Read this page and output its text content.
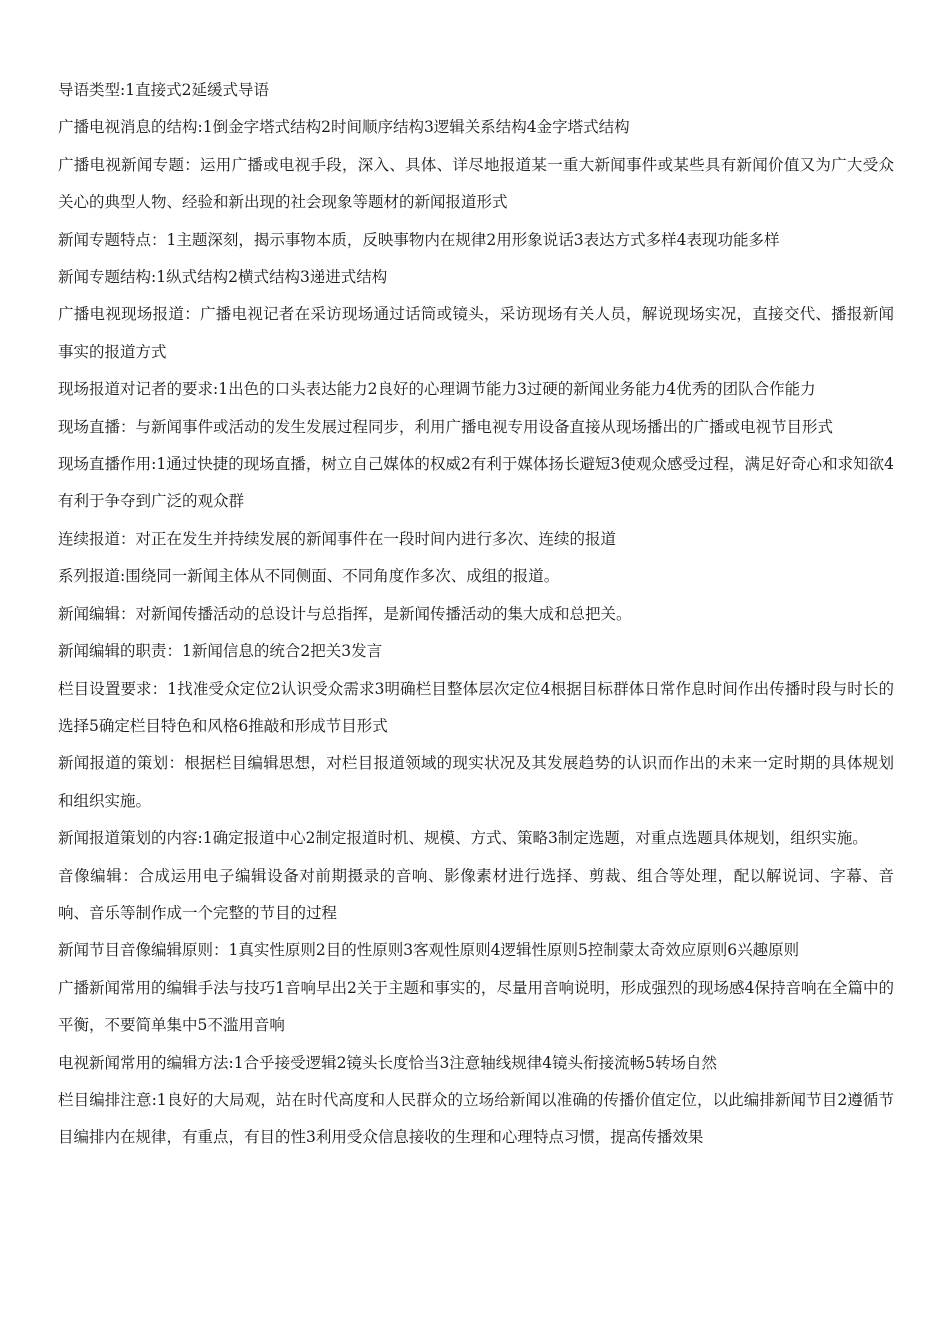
导语类型:1直接式2延缓式导语

广播电视消息的结构:1倒金字塔式结构2时间顺序结构3逻辑关系结构4金字塔式结构

广播电视新闻专题：运用广播或电视手段，深入、具体、详尽地报道某一重大新闻事件或某些具有新闻价值又为广大受众关心的典型人物、经验和新出现的社会现象等题材的新闻报道形式

新闻专题特点：1主题深刻，揭示事物本质，反映事物内在规律2用形象说话3表达方式多样4表现功能多样

新闻专题结构:1纵式结构2横式结构3递进式结构

广播电视现场报道：广播电视记者在采访现场通过话筒或镜头，采访现场有关人员，解说现场实况，直接交代、播报新闻事实的报道方式

现场报道对记者的要求:1出色的口头表达能力2良好的心理调节能力3过硬的新闻业务能力4优秀的团队合作能力

现场直播：与新闻事件或活动的发生发展过程同步，利用广播电视专用设备直接从现场播出的广播或电视节目形式

现场直播作用:1通过快捷的现场直播，树立自己媒体的权威2有利于媒体扬长避短3使观众感受过程，满足好奇心和求知欲4有利于争夺到广泛的观众群

连续报道：对正在发生并持续发展的新闻事件在一段时间内进行多次、连续的报道

系列报道:围绕同一新闻主体从不同侧面、不同角度作多次、成组的报道。

新闻编辑：对新闻传播活动的总设计与总指挥，是新闻传播活动的集大成和总把关。

新闻编辑的职责：1新闻信息的统合2把关3发言

栏目设置要求：1找准受众定位2认识受众需求3明确栏目整体层次定位4根据目标群体日常作息时间作出传播时段与时长的选择5确定栏目特色和风格6推敲和形成节目形式

新闻报道的策划：根据栏目编辑思想，对栏目报道领域的现实状况及其发展趋势的认识而作出的未来一定时期的具体规划和组织实施。

新闻报道策划的内容:1确定报道中心2制定报道时机、规模、方式、策略3制定选题，对重点选题具体规划，组织实施。

音像编辑：合成运用电子编辑设备对前期摄录的音响、影像素材进行选择、剪裁、组合等处理，配以解说词、字幕、音响、音乐等制作成一个完整的节目的过程

新闻节目音像编辑原则：1真实性原则2目的性原则3客观性原则4逻辑性原则5控制蒙太奇效应原则6兴趣原则

广播新闻常用的编辑手法与技巧1音响早出2关于主题和事实的，尽量用音响说明，形成强烈的现场感4保持音响在全篇中的平衡，不要简单集中5不滥用音响

电视新闻常用的编辑方法:1合乎接受逻辑2镜头长度恰当3注意轴线规律4镜头衔接流畅5转场自然

栏目编排注意:1良好的大局观，站在时代高度和人民群众的立场给新闻以准确的传播价值定位，以此编排新闻节目2遵循节目编排内在规律，有重点，有目的性3利用受众信息接收的生理和心理特点习惯，提高传播效果
